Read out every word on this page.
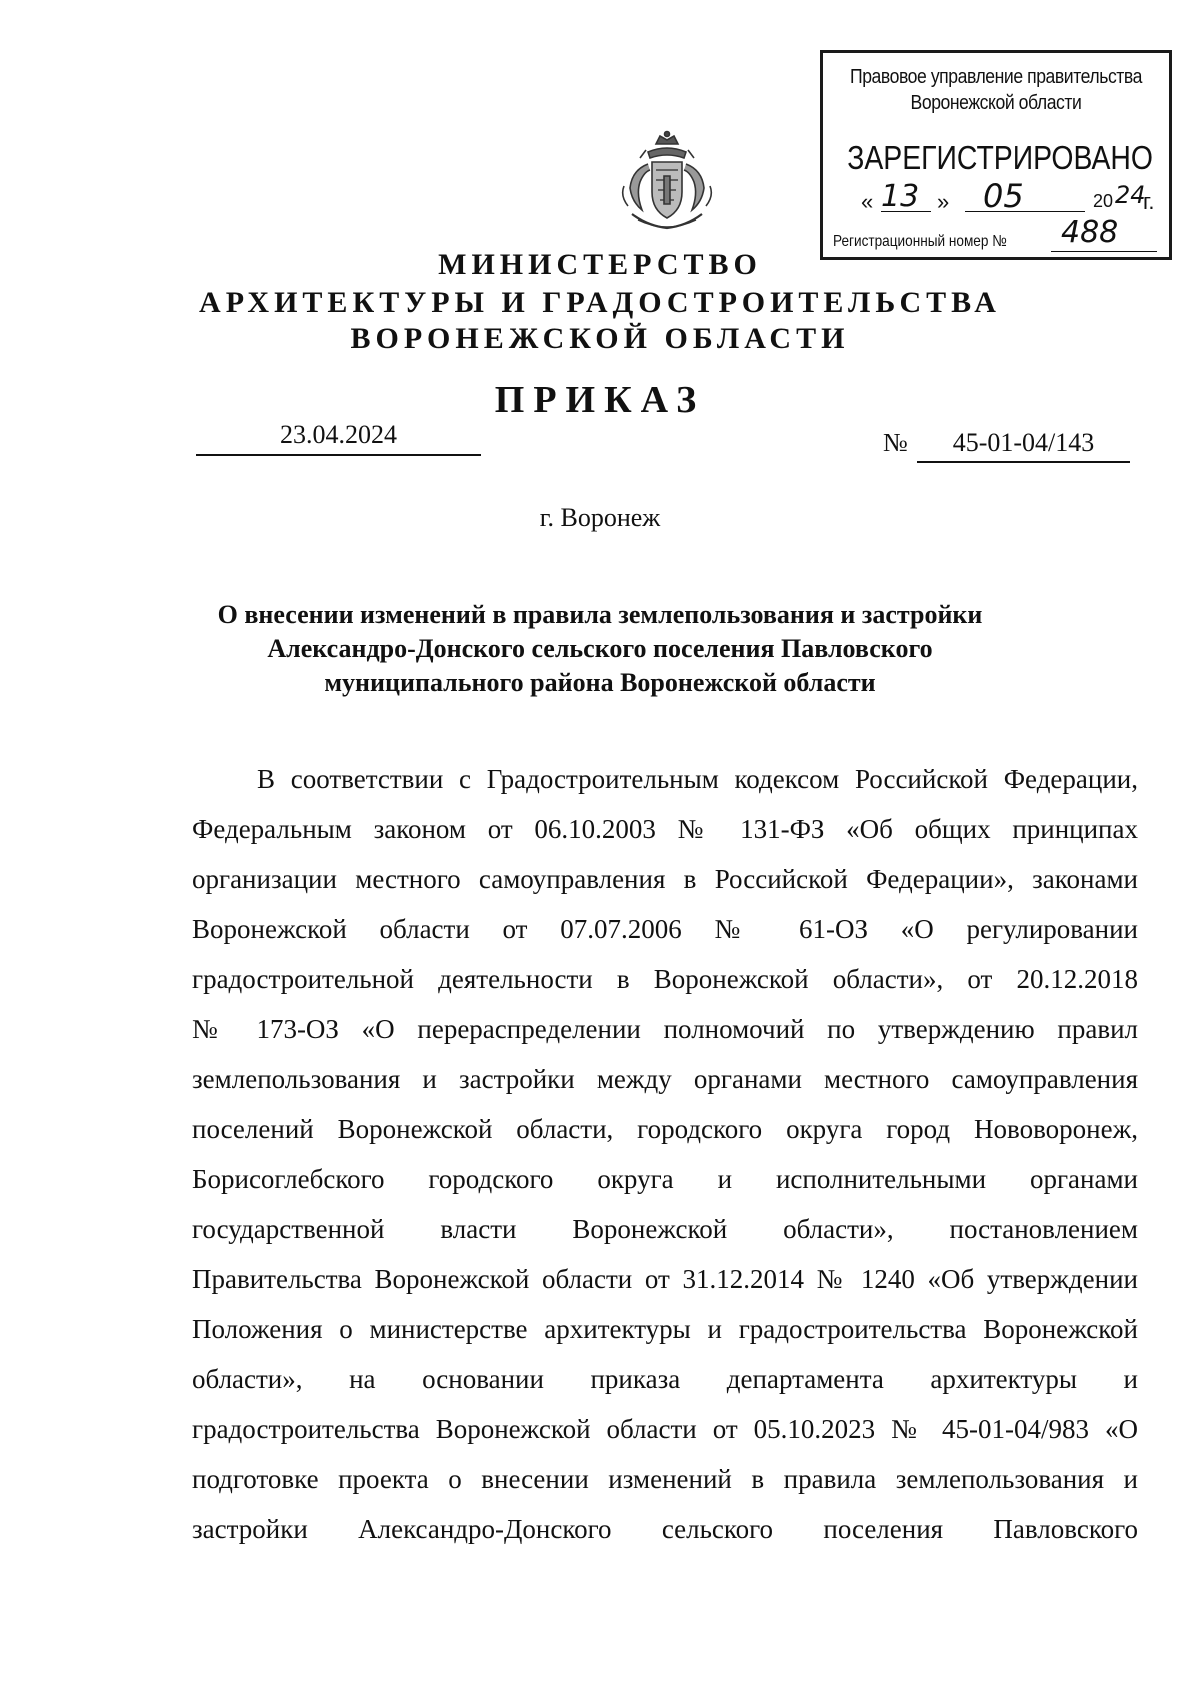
Правовое управление правительства
Воронежской области
ЗАРЕГИСТРИРОВАНО
« 13 » 05	20 24
г.
Регистрационный номер № 488
МИНИСТЕРСТВО
АРХИТЕКТУРЫ И ГРАДОСТРОИТЕЛЬСТВА
ВОРОНЕЖСКОЙ ОБЛАСТИ
ПРИКАЗ
23.04.2024	№	45-01-04/143
г. Воронеж
О внесении изменений в правила землепользования и застройки
Александро-Донского сельского поселения Павловского
муниципального района Воронежской области
В соответствии с Градостроительным кодексом Российской Федерации,
Федеральным законом от 06.10.2003 № 131-ФЗ «Об общих принципах
организации местного самоуправления в Российской Федерации», законами
Воронежской области от 07.07.2006 № 61-ОЗ «О регулировании
градостроительной деятельности в Воронежской области», от 20.12.2018
№ 173-ОЗ «О перераспределении полномочий по утверждению правил
землепользования и застройки между органами местного самоуправления
поселений Воронежской области, городского округа город Нововоронеж,
Борисоглебского городского округа и исполнительными органами
государственной власти Воронежской области», постановлением
Правительства Воронежской области от 31.12.2014 № 1240 «Об утверждении
Положения о министерстве архитектуры и градостроительства Воронежской
области», на основании приказа департамента архитектуры и
градостроительства Воронежской области от 05.10.2023 № 45-01-04/983 «О
подготовке проекта о внесении изменений в правила землепользования и
застройки Александро-Донского сельского поселения Павловского
